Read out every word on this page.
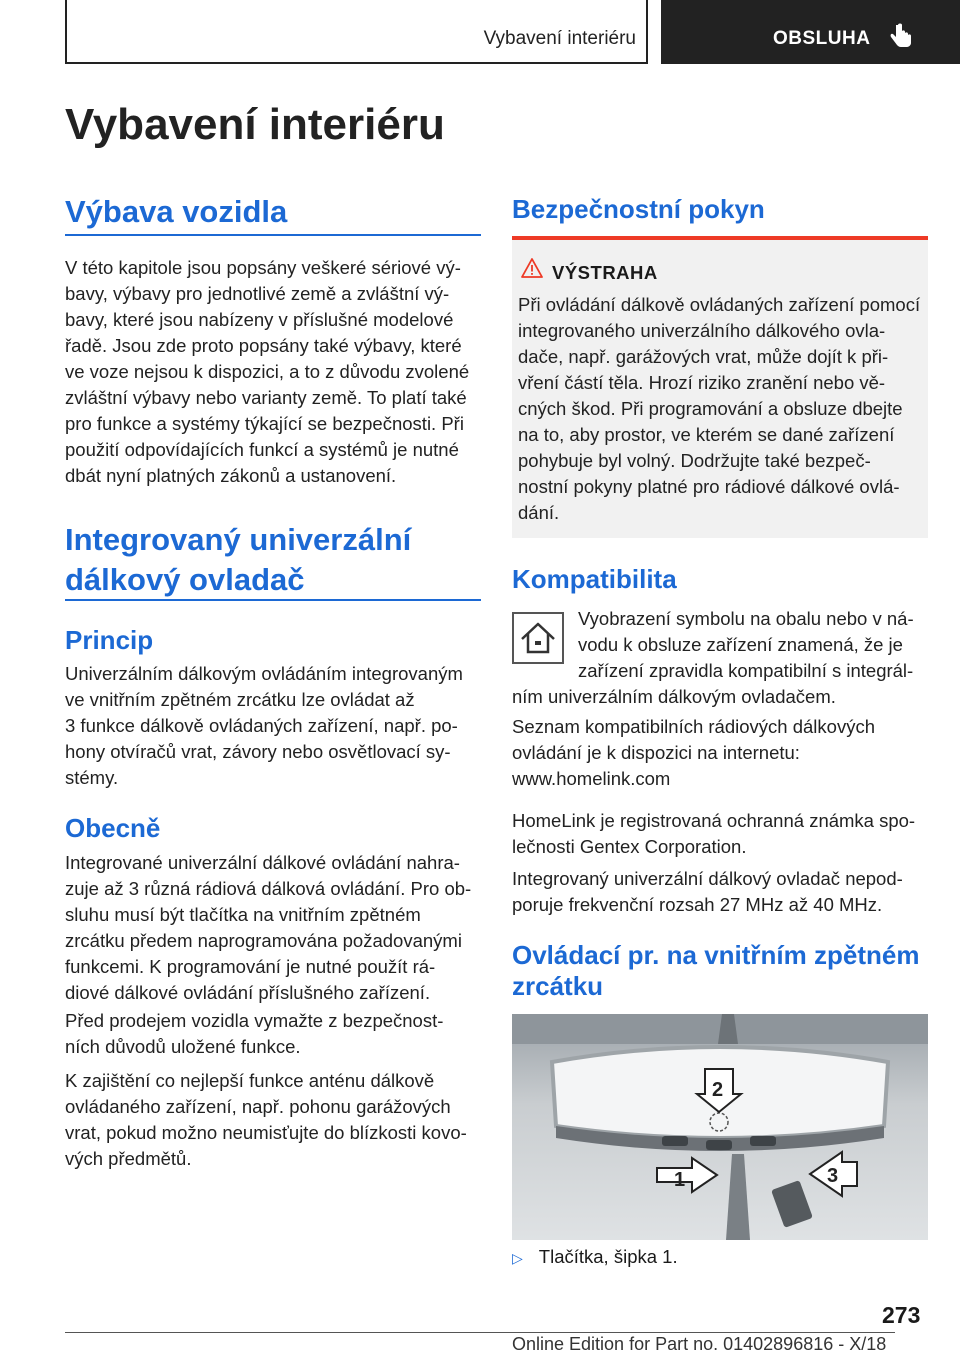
Vybavení interiéru	OBSLUHA
Vybavení interiéru
Výbava vozidla
V této kapitole jsou popsány veškeré sériové vý‐
bavy, výbavy pro jednotlivé země a zvláštní vý‐
bavy, které jsou nabízeny v příslušné modelové
řadě. Jsou zde proto popsány také výbavy, které
ve voze nejsou k dispozici, a to z důvodu zvolené
zvláštní výbavy nebo varianty země. To platí také
pro funkce a systémy týkající se bezpečnosti. Při
použití odpovídajících funkcí a systémů je nutné
dbát nyní platných zákonů a ustanovení.
Integrovaný univerzální
dálkový ovladač
Princip
Univerzálním dálkovým ovládáním integrovaným
ve vnitřním zpětném zrcátku lze ovládat až
3 funkce dálkově ovládaných zařízení, např. po‐
hony otvíračů vrat, závory nebo osvětlovací sy‐
stémy.
Obecně
Integrované univerzální dálkové ovládání nahra‐
zuje až 3 různá rádiová dálková ovládání. Pro ob‐
sluhu musí být tlačítka na vnitřním zpětném
zrcátku předem naprogramována požadovanými
funkcemi. K programování je nutné použít rá‐
diové dálkové ovládání příslušného zařízení.
Před prodejem vozidla vymažte z bezpečnost‐
ních důvodů uložené funkce.
K zajištění co nejlepší funkce anténu dálkově
ovládaného zařízení, např. pohonu garážových
vrat, pokud možno neumisťujte do blízkosti kovo‐
vých předmětů.
Bezpečnostní pokyn
VÝSTRAHA
Při ovládání dálkově ovládaných zařízení pomocí
integrovaného univerzálního dálkového ovla‐
dače, např. garážových vrat, může dojít k při‐
vření částí těla. Hrozí riziko zranění nebo vě‐
cných škod. Při programování a obsluze dbejte
na to, aby prostor, ve kterém se dané zařízení
pohybuje byl volný. Dodržujte také bezpeč‐
nostní pokyny platné pro rádiové dálkové ovlá‐
dání.
Kompatibilita
Vyobrazení symbolu na obalu nebo v ná‐
vodu k obsluze zařízení znamená, že je
zařízení zpravidla kompatibilní s integrál‐
ním univerzálním dálkovým ovladačem.
Seznam kompatibilních rádiových dálkových
ovládání je k dispozici na internetu:
www.homelink.com
HomeLink je registrovaná ochranná známka spo‐
lečnosti Gentex Corporation.
Integrovaný univerzální dálkový ovladač nepod‐
poruje frekvenční rozsah 27 MHz až 40 MHz.
Ovládací pr. na vnitřním zpětném
zrcátku
2
1	3
▷ Tlačítka, šipka 1.
273
Online Edition for Part no. 01402896816 - X/18
